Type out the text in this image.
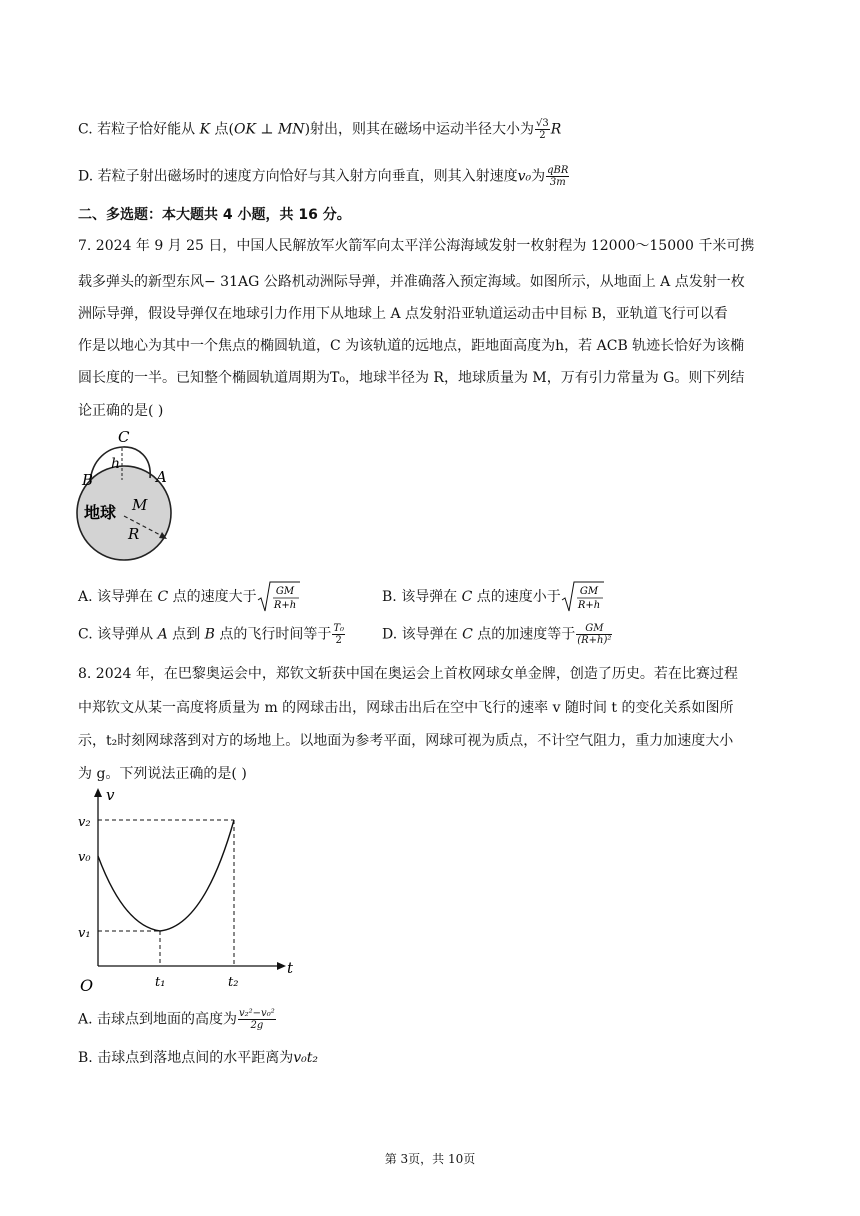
C. 若粒子恰好能从 K 点(OK ⊥ MN)射出，则其在磁场中运动半径大小为 $\frac{√3}{2}$ R
D. 若粒子射出磁场时的速度方向恰好与其入射方向垂直，则其入射速度v₀为 $\frac{\text{qBR}}{3m}$
二、多选题：本大题共 4 小题，共 16 分。
7. 2024 年 9 月 25 日，中国人民解放军火箭军向太平洋公海海域发射一枚射程为 12000～15000 千米可携
载多弹头的新型东风− 31AG 公路机动洲际导弹，并准确落入预定海域。如图所示，从地面上 A 点发射一枚
洲际导弹，假设导弹仅在地球引力作用下从地球上 A 点发射沿亚轨道运动击中目标 B，亚轨道飞行可以看
作是以地心为其中一个焦点的椭圆轨道，C 为该轨道的远地点，距地面高度为h，若 ACB 轨迹长恰好为该椭
圆长度的一半。已知整个椭圆轨道周期为T₀，地球半径为 R，地球质量为 M，万有引力常量为 G。则下列结
论正确的是( )
C
h
B	A
地球 M
R
A. 该导弹在 C 点的速度大于 GM
R+h
B. 该导弹在 C 点的速度小于 GM
R+h
C. 该导弹从 A 点到 B 点的飞行时间等于 $\frac{\text{T₀}}{2}$	D. 该导弹在 C 点的加速度等于 $\frac{GM}{\text{(R+h)²}}$
8. 2024 年，在巴黎奥运会中，郑钦文斩获中国在奥运会上首枚网球女单金牌，创造了历史。若在比赛过程
中郑钦文从某一高度将质量为 m 的网球击出，网球击出后在空中飞行的速率 v 随时间 t 的变化关系如图所
示，t₂时刻网球落到对方的场地上。以地面为参考平面，网球可视为质点，不计空气阻力，重力加速度大小
为 g。下列说法正确的是( )
v
t
v₂
v₀
v₁
t₁	t₂
O
A. 击球点到地面的高度为 $\frac{\text{v₂²−v₀²}}{2g}$
B. 击球点到落地点间的水平距离为v₀t₂
第 3页，共 10页
